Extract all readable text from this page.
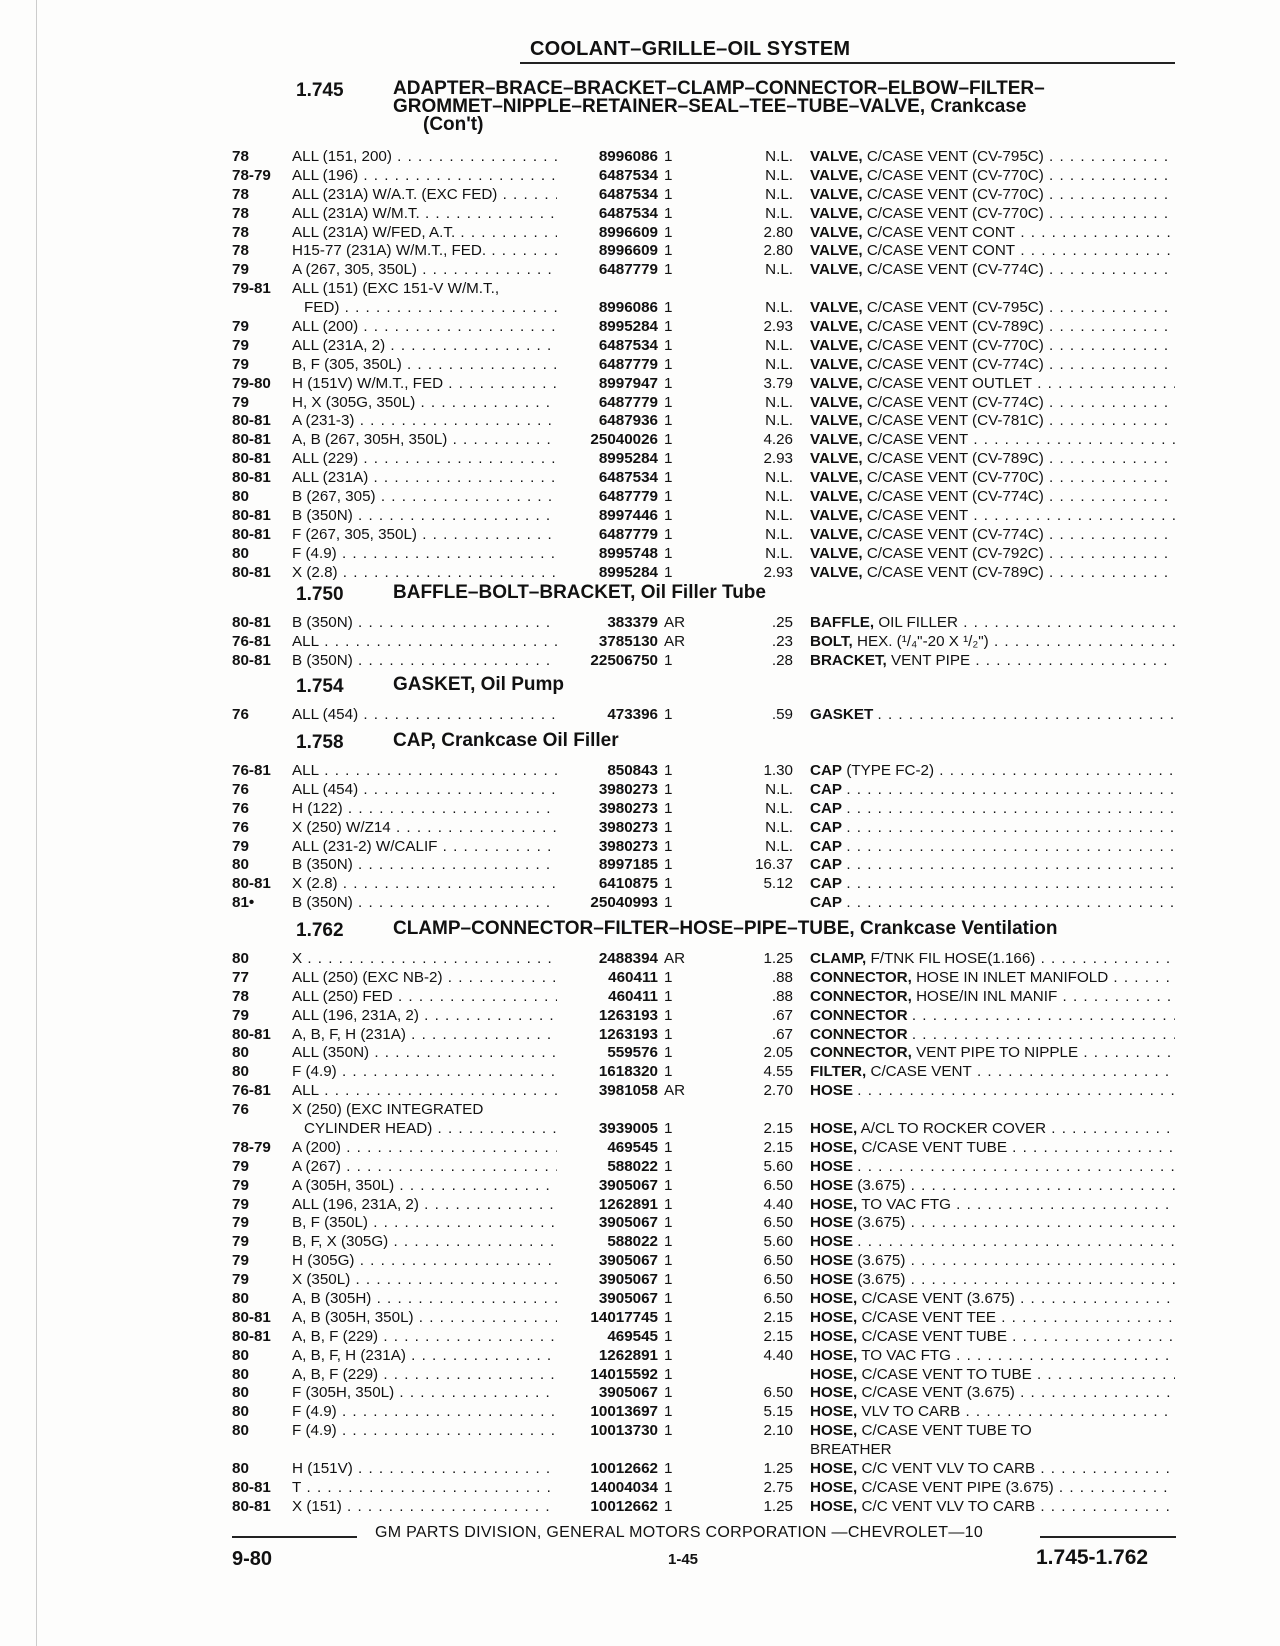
COOLANT–GRILLE–OIL SYSTEM
1.745	ADAPTER–BRACE–BRACKET–CLAMP–CONNECTOR–ELBOW–FILTER–
GROMMET–NIPPLE–RETAINER–SEAL–TEE–TUBE–VALVE, Crankcase
(Con't)
78	ALL (151, 200) . . .	8996086 1	N.L. VALVE, C/CASE VENT (CV-795C) . . .
78-79 ALL (196) . . .	6487534 1	N.L. VALVE, C/CASE VENT (CV-770C) . . .
78	ALL (231A) W/A.T. (EXC FED) . . .	6487534 1	N.L. VALVE, C/CASE VENT (CV-770C) . . .
78	ALL (231A) W/M.T. . . .	6487534 1	N.L. VALVE, C/CASE VENT (CV-770C) . . .
78	ALL (231A) W/FED, A.T. . . .	8996609 1	2.80 VALVE, C/CASE VENT CONT . . .
78	H15-77 (231A) W/M.T., FED. . . .	8996609 1	2.80 VALVE, C/CASE VENT CONT . . .
79	A (267, 305, 350L) . . .	6487779 1	N.L. VALVE, C/CASE VENT (CV-774C) . . .
79-81 ALL (151) (EXC 151-V W/M.T.,
FED) . . .	8996086 1	N.L. VALVE, C/CASE VENT (CV-795C) . . .
79	ALL (200) . . .	8995284 1	2.93 VALVE, C/CASE VENT (CV-789C) . . .
79	ALL (231A, 2) . . .	6487534 1	N.L. VALVE, C/CASE VENT (CV-770C) . . .
79	B, F (305, 350L) . . .	6487779 1	N.L. VALVE, C/CASE VENT (CV-774C) . . .
79-80 H (151V) W/M.T., FED . . .	8997947 1	3.79 VALVE, C/CASE VENT OUTLET . . .
79	H, X (305G, 350L) . . .	6487779 1	N.L. VALVE, C/CASE VENT (CV-774C) . . .
80-81 A (231-3) . . .	6487936 1	N.L. VALVE, C/CASE VENT (CV-781C) . . .
80-81 A, B (267, 305H, 350L) . . .	25040026 1	4.26 VALVE, C/CASE VENT . . .
80-81 ALL (229) . . .	8995284 1	2.93 VALVE, C/CASE VENT (CV-789C) . . .
80-81 ALL (231A) . . .	6487534 1	N.L. VALVE, C/CASE VENT (CV-770C) . . .
80	B (267, 305) . . .	6487779 1	N.L. VALVE, C/CASE VENT (CV-774C) . . .
80-81 B (350N) . . .	8997446 1	N.L. VALVE, C/CASE VENT . . .
80-81 F (267, 305, 350L) . . .	6487779 1	N.L. VALVE, C/CASE VENT (CV-774C) . . .
80	F (4.9) . . .	8995748 1	N.L. VALVE, C/CASE VENT (CV-792C) . . .
80-81 X (2.8) . . .	8995284 1	2.93 VALVE, C/CASE VENT (CV-789C) . . .
1.750	BAFFLE–BOLT–BRACKET, Oil Filler Tube
80-81 B (350N) . . .	383379 AR	.25 BAFFLE, OIL FILLER . . .
76-81 ALL . . .	3785130 AR	.23 BOLT, HEX. (¹/₄"-20 X ¹/₂") . . .
80-81 B (350N) . . .	22506750 1	.28 BRACKET, VENT PIPE . . .
1.754	GASKET, Oil Pump
76	ALL (454) . . .	473396 1	.59 GASKET . . .
1.758	CAP, Crankcase Oil Filler
76-81 ALL . . .	850843 1	1.30 CAP (TYPE FC-2) . . .
76	ALL (454) . . .	3980273 1	N.L. CAP . . .
76	H (122) . . .	3980273 1	N.L. CAP . . .
76	X (250) W/Z14 . . .	3980273 1	N.L. CAP . . .
79	ALL (231-2) W/CALIF . . .	3980273 1	N.L. CAP . . .
80	B (350N) . . .	8997185 1	16.37 CAP . . .
80-81 X (2.8) . . .	6410875 1	5.12 CAP . . .
81• B (350N) . . .	25040993 1	CAP . . .
1.762	CLAMP–CONNECTOR–FILTER–HOSE–PIPE–TUBE, Crankcase Ventilation
80	X . . .	2488394 AR	1.25 CLAMP, F/TNK FIL HOSE(1.166) . . .
77	ALL (250) (EXC NB-2) . . .	460411 1	.88 CONNECTOR, HOSE IN INLET MANIFOLD . . .
78	ALL (250) FED . . .	460411 1	.88 CONNECTOR, HOSE/IN INL MANIF . . .
79	ALL (196, 231A, 2) . . .	1263193 1	.67 CONNECTOR . . .
80-81 A, B, F, H (231A) . . .	1263193 1	.67 CONNECTOR . . .
80	ALL (350N) . . .	559576 1	2.05 CONNECTOR, VENT PIPE TO NIPPLE . . .
80	F (4.9) . . .	1618320 1	4.55 FILTER, C/CASE VENT . . .
76-81 ALL . . .	3981058 AR	2.70 HOSE . . .
76	X (250) (EXC INTEGRATED
CYLINDER HEAD) . . .	3939005 1	2.15 HOSE, A/CL TO ROCKER COVER . . .
78-79 A (200) . . .	469545 1	2.15 HOSE, C/CASE VENT TUBE . . .
79	A (267) . . .	588022 1	5.60 HOSE . . .
79	A (305H, 350L) . . .	3905067 1	6.50 HOSE (3.675) . . .
79	ALL (196, 231A, 2) . . .	1262891 1	4.40 HOSE, TO VAC FTG . . .
79	B, F (350L) . . .	3905067 1	6.50 HOSE (3.675) . . .
79	B, F, X (305G) . . .	588022 1	5.60 HOSE . . .
79	H (305G) . . .	3905067 1	6.50 HOSE (3.675) . . .
79	X (350L) . . .	3905067 1	6.50 HOSE (3.675) . . .
80	A, B (305H) . . .	3905067 1	6.50 HOSE, C/CASE VENT (3.675) . . .
80-81 A, B (305H, 350L) . . .	14017745 1	2.15 HOSE, C/CASE VENT TEE . . .
80-81 A, B, F (229) . . .	469545 1	2.15 HOSE, C/CASE VENT TUBE . . .
80	A, B, F, H (231A) . . .	1262891 1	4.40 HOSE, TO VAC FTG . . .
80	A, B, F (229) . . .	14015592 1	HOSE, C/CASE VENT TO TUBE . . .
80	F (305H, 350L) . . .	3905067 1	6.50 HOSE, C/CASE VENT (3.675) . . .
80	F (4.9) . . .	10013697 1	5.15 HOSE, VLV TO CARB . . .
80	F (4.9) . . .	10013730 1	2.10 HOSE, C/CASE VENT TUBE TO
BREATHER
80	H (151V) . . .	10012662 1	1.25 HOSE, C/C VENT VLV TO CARB . . .
80-81 T . . .	14004034 1	2.75 HOSE, C/CASE VENT PIPE (3.675) . . .
80-81 X (151) . . .	10012662 1	1.25 HOSE, C/C VENT VLV TO CARB . . .
GM PARTS DIVISION, GENERAL MOTORS CORPORATION —CHEVROLET—10
9-80	1-45	1.745-1.762
